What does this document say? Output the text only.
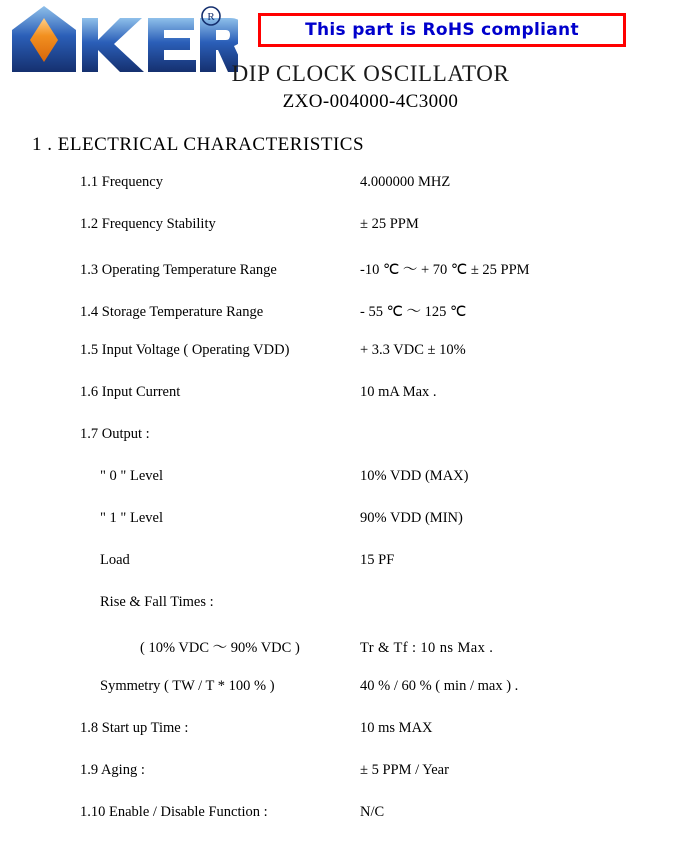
R
This part is RoHS compliant
DIP CLOCK OSCILLATOR
ZXO-004000-4C3000
1 . ELECTRICAL CHARACTERISTICS
1.1 Frequency	4.000000 MHZ
1.2 Frequency Stability	± 25 PPM
1.3 Operating Temperature Range	-10 ℃ ～ + 70 ℃ ± 25 PPM
1.4 Storage Temperature Range	- 55 ℃ ～ 125 ℃
1.5 Input Voltage ( Operating VDD)	+ 3.3 VDC ± 10%
1.6 Input Current	10 mA Max .
1.7 Output :
" 0 " Level	10% VDD (MAX)
" 1 " Level	90% VDD (MIN)
Load	15 PF
Rise & Fall Times :
( 10% VDC ～ 90% VDC )	Tr & Tf : 10 ns Max .
Symmetry ( TW / T * 100 % )	40 % / 60 % ( min / max ) .
1.8 Start up Time :	10 ms MAX
1.9 Aging :	± 5 PPM / Year
1.10 Enable / Disable Function :	N/C
